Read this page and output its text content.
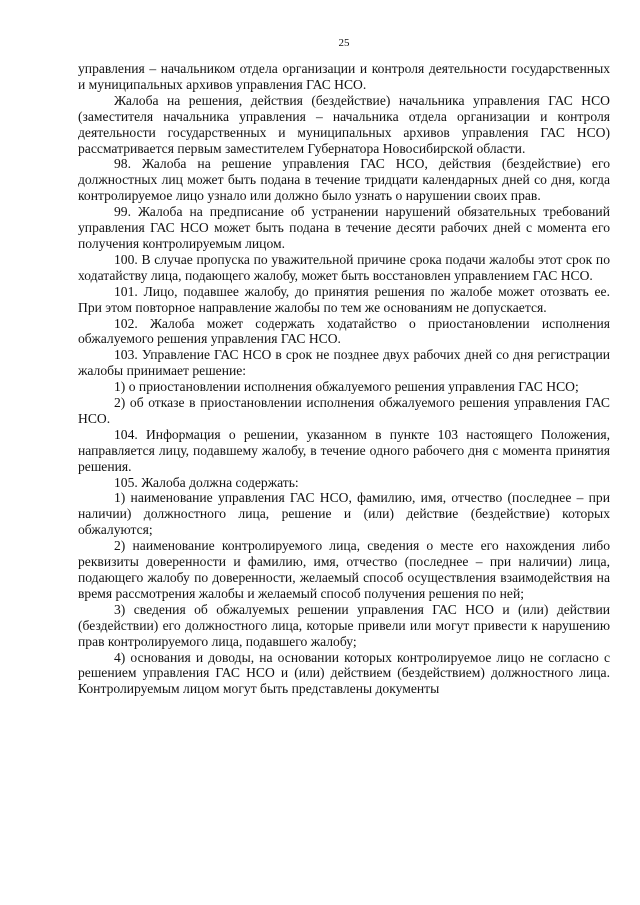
25

управления – начальником отдела организации и контроля деятельности государственных и муниципальных архивов управления ГАС НСО.

Жалоба на решения, действия (бездействие) начальника управления ГАС НСО (заместителя начальника управления – начальника отдела организации и контроля деятельности государственных и муниципальных архивов управления ГАС НСО) рассматривается первым заместителем Губернатора Новосибирской области.

98. Жалоба на решение управления ГАС НСО, действия (бездействие) его должностных лиц может быть подана в течение тридцати календарных дней со дня, когда контролируемое лицо узнало или должно было узнать о нарушении своих прав.

99. Жалоба на предписание об устранении нарушений обязательных требований управления ГАС НСО может быть подана в течение десяти рабочих дней с момента его получения контролируемым лицом.

100. В случае пропуска по уважительной причине срока подачи жалобы этот срок по ходатайству лица, подающего жалобу, может быть восстановлен управлением ГАС НСО.

101. Лицо, подавшее жалобу, до принятия решения по жалобе может отозвать ее. При этом повторное направление жалобы по тем же основаниям не допускается.

102. Жалоба может содержать ходатайство о приостановлении исполнения обжалуемого решения управления ГАС НСО.

103. Управление ГАС НСО в срок не позднее двух рабочих дней со дня регистрации жалобы принимает решение:

1) о приостановлении исполнения обжалуемого решения управления ГАС НСО;

2) об отказе в приостановлении исполнения обжалуемого решения управления ГАС НСО.

104. Информация о решении, указанном в пункте 103 настоящего Положения, направляется лицу, подавшему жалобу, в течение одного рабочего дня с момента принятия решения.

105. Жалоба должна содержать:

1) наименование управления ГАС НСО, фамилию, имя, отчество (последнее – при наличии) должностного лица, решение и (или) действие (бездействие) которых обжалуются;

2) наименование контролируемого лица, сведения о месте его нахождения либо реквизиты доверенности и фамилию, имя, отчество (последнее – при наличии) лица, подающего жалобу по доверенности, желаемый способ осуществления взаимодействия на время рассмотрения жалобы и желаемый способ получения решения по ней;

3) сведения об обжалуемых решении управления ГАС НСО и (или) действии (бездействии) его должностного лица, которые привели или могут привести к нарушению прав контролируемого лица, подавшего жалобу;

4) основания и доводы, на основании которых контролируемое лицо не согласно с решением управления ГАС НСО и (или) действием (бездействием) должностного лица. Контролируемым лицом могут быть представлены документы
